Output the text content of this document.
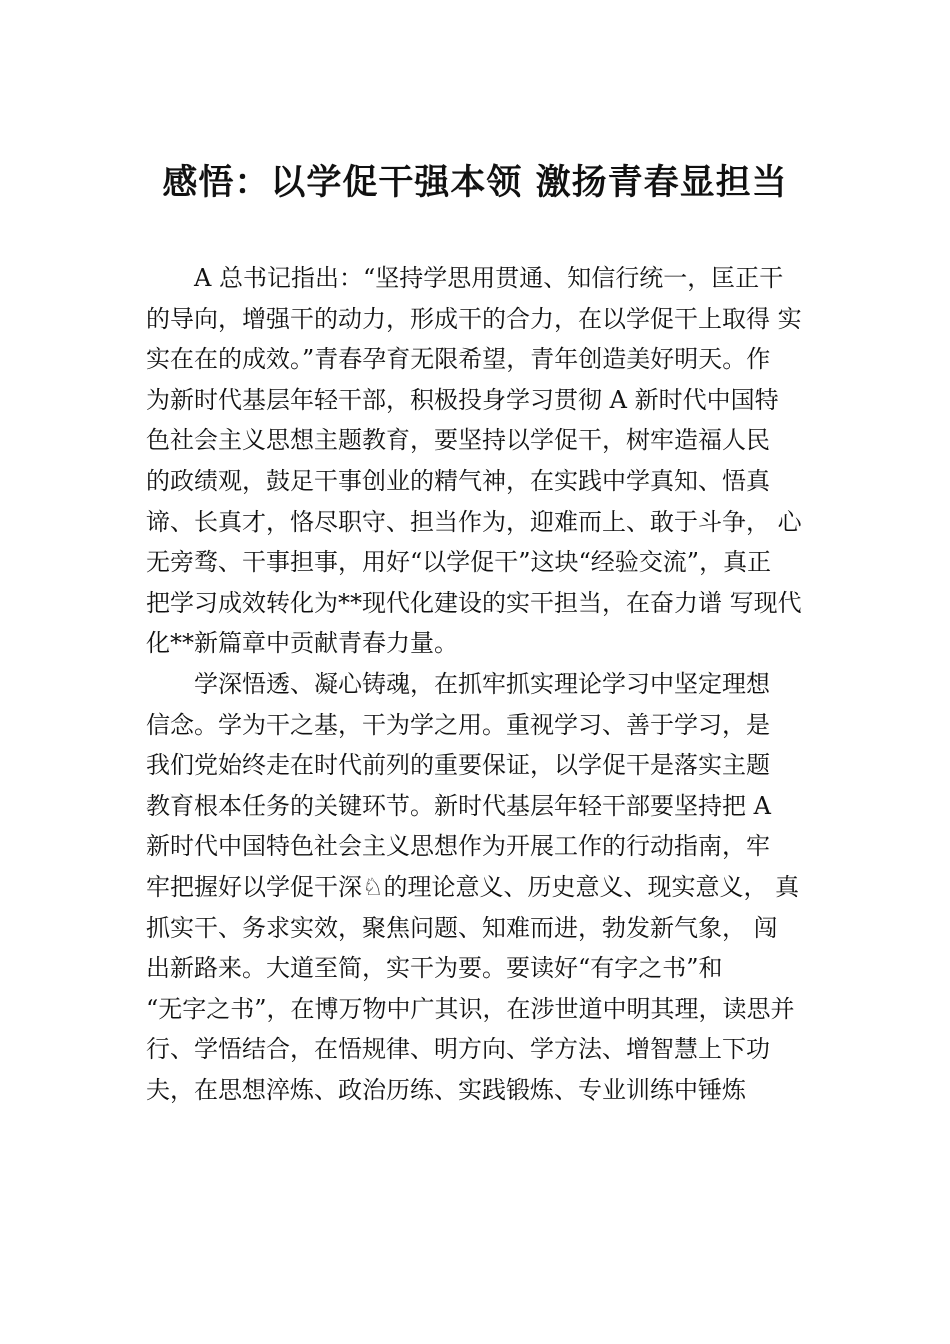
感悟：以学促干强本领 激扬青春显担当
A 总书记指出：“坚持学思用贯通、知信行统一，匡正干
的导向，增强干的动力，形成干的合力，在以学促干上取得 实
实在在的成效。”青春孕育无限希望，青年创造美好明天。作
为新时代基层年轻干部，积极投身学习贯彻 A 新时代中国特
色社会主义思想主题教育，要坚持以学促干，树牢造福人民
的政绩观，鼓足干事创业的精气神，在实践中学真知、悟真
谛、长真才，恪尽职守、担当作为，迎难而上、敢于斗争， 心
无旁骛、干事担事，用好“以学促干”这块“经验交流”，真正
把学习成效转化为**现代化建设的实干担当，在奋力谱 写现代
化**新篇章中贡献青春力量。
学深悟透、凝心铸魂，在抓牢抓实理论学习中坚定理想
信念。学为干之基，干为学之用。重视学习、善于学习，是
我们党始终走在时代前列的重要保证，以学促干是落实主题
教育根本任务的关键环节。新时代基层年轻干部要坚持把 A
新时代中国特色社会主义思想作为开展工作的行动指南，牢
牢把握好以学促干深♘的理论意义、历史意义、现实意义， 真
抓实干、务求实效，聚焦问题、知难而进，勃发新气象， 闯
出新路来。大道至简，实干为要。要读好“有字之书”和
“无字之书”，在博万物中广其识，在涉世道中明其理，读思并
行、学悟结合，在悟规律、明方向、学方法、增智慧上下功
夫，在思想淬炼、政治历练、实践锻炼、专业训练中锤炼
